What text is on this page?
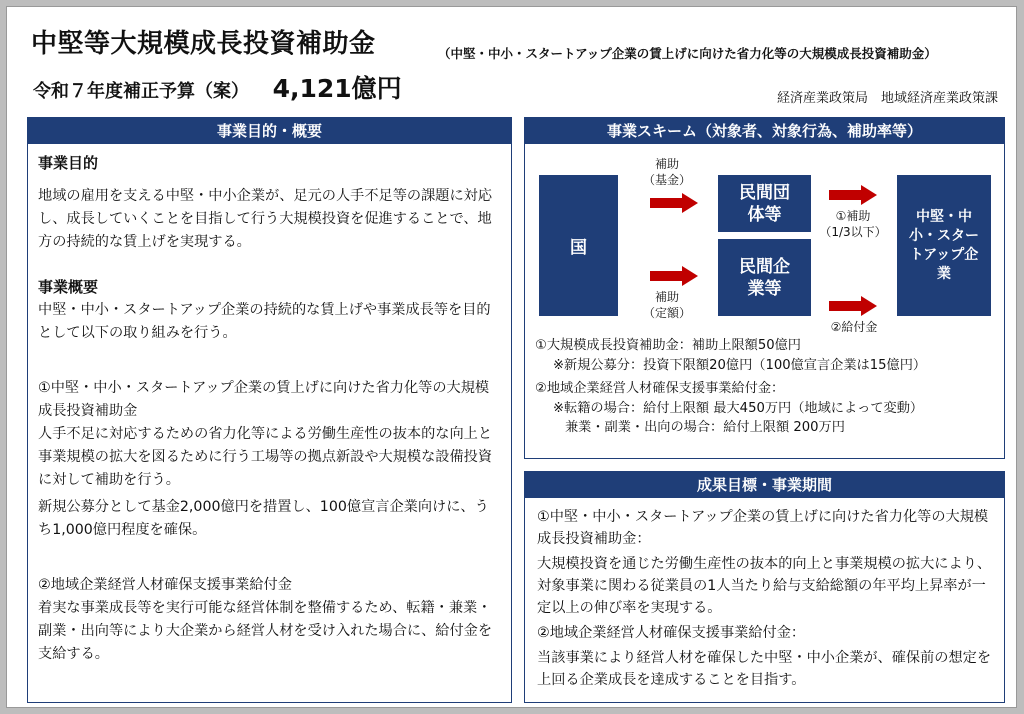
中堅等大規模成長投資補助金	（中堅・中小・スタートアップ企業の賃上げに向けた省力化等の大規模成長投資補助金）
令和７年度補正予算（案） 4,121億円	経済産業政策局　地域経済産業政策課
事業目的・概要
事業目的

地域の雇用を支える中堅・中小企業が、足元の人手不足等の課題に対応し、成長していくことを目指して行う大規模投資を促進することで、地方の持続的な賃上げを実現する。

事業概要

中堅・中小・スタートアップ企業の持続的な賃上げや事業成長等を目的として以下の取り組みを行う。

①中堅・中小・スタートアップ企業の賃上げに向けた省力化等の大規模成長投資補助金

人手不足に対応するための省力化等による労働生産性の抜本的な向上と事業規模の拡大を図るために行う工場等の拠点新設や大規模な設備投資に対して補助を行う。

新規公募分として基金2,000億円を措置し、100億宣言企業向けに、うち1,000億円程度を確保。

②地域企業経営人材確保支援事業給付金

着実な事業成長等を実行可能な経営体制を整備するため、転籍・兼業・副業・出向等により大企業から経営人材を受け入れた場合に、給付金を支給する。

事業スキーム（対象者、対象行為、補助率等）
国
民間団体等
民間企業等
中堅・中小・スタートアップ企業
補助
（基金）
補助
（定額）
①補助
（1/3以下）
②給付金
①大規模成長投資補助金：補助上限額50億円
※新規公募分：投資下限額20億円（100億宣言企業は15億円）
②地域企業経営人材確保支援事業給付金：
※転籍の場合：給付上限額 最大450万円（地域によって変動）
兼業・副業・出向の場合：給付上限額 200万円
成果目標・事業期間

①中堅・中小・スタートアップ企業の賃上げに向けた省力化等の大規模成長投資補助金：

大規模投資を通じた労働生産性の抜本的向上と事業規模の拡大により、対象事業に関わる従業員の1人当たり給与支給総額の年平均上昇率が一定以上の伸び率を実現する。

②地域企業経営人材確保支援事業給付金：

当該事業により経営人材を確保した中堅・中小企業が、確保前の想定を上回る企業成長を達成することを目指す。
